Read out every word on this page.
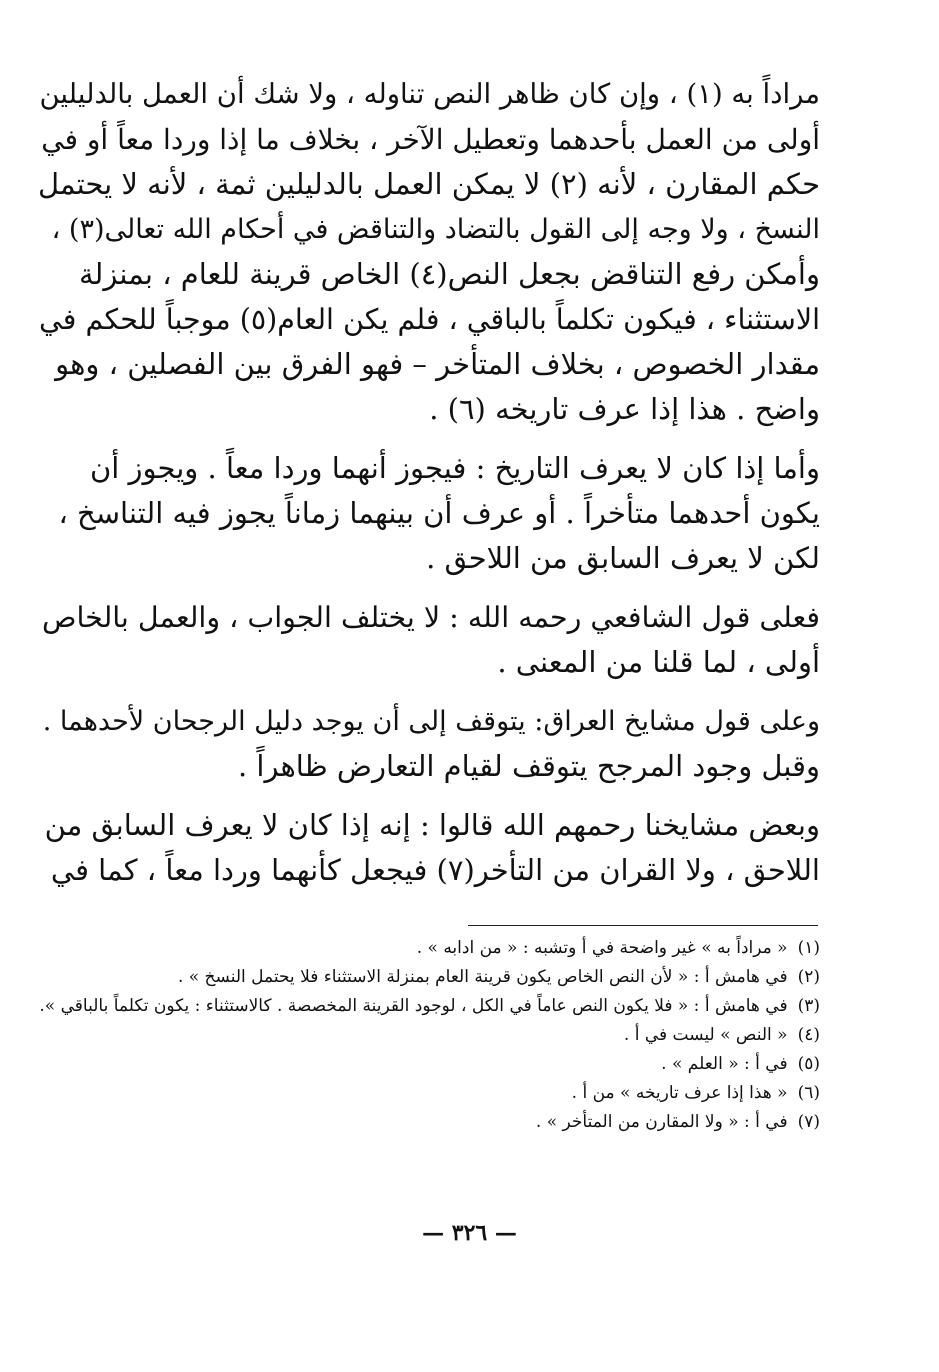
مراداً به (١) ، وإن كان ظاهر النص تناوله ، ولا شك أن العمل بالدليلين
أولى من العمل بأحدهما وتعطيل الآخر ، بخلاف ما إذا وردا معاً أو في
حكم المقارن ، لأنه (٢) لا يمكن العمل بالدليلين ثمة ، لأنه لا يحتمل
النسخ ، ولا وجه إلى القول بالتضاد والتناقض في أحكام الله تعالى(٣) ،
وأمكن رفع التناقض بجعل النص(٤) الخاص قرينة للعام ، بمنزلة
الاستثناء ، فيكون تكلماً بالباقي ، فلم يكن العام(٥) موجباً للحكم في
مقدار الخصوص ، بخلاف المتأخر – فهو الفرق بين الفصلين ، وهو
واضح . هذا إذا عرف تاريخه (٦) .

وأما إذا كان لا يعرف التاريخ : فيجوز أنهما وردا معاً . ويجوز أن
يكون أحدهما متأخراً . أو عرف أن بينهما زماناً يجوز فيه التناسخ ،
لكن لا يعرف السابق من اللاحق .

فعلى قول الشافعي رحمه الله : لا يختلف الجواب ، والعمل بالخاص
أولى ، لما قلنا من المعنى .

وعلى قول مشايخ العراق: يتوقف إلى أن يوجد دليل الرجحان لأحدهما .
وقبل وجود المرجح يتوقف لقيام التعارض ظاهراً .

وبعض مشايخنا رحمهم الله قالوا : إنه إذا كان لا يعرف السابق من
اللاحق ، ولا القران من التأخر(٧) فيجعل كأنهما وردا معاً ، كما في

(١)« مراداً به » غير واضحة في أ وتشبه : « من ادابه » .
(٢)في هامش أ : « لأن النص الخاص يكون قرينة العام بمنزلة الاستثناء فلا يحتمل النسخ » .
(٣)في هامش أ : « فلا يكون النص عاماً في الكل ، لوجود القرينة المخصصة . كالاستثناء : يكون تكلماً بالباقي ».
(٤)« النص » ليست في أ .
(٥)في أ : « العلم » .
(٦)« هذا إذا عرف تاريخه » من أ .
(٧)في أ : « ولا المقارن من المتأخر » .
— ٣٢٦ —
